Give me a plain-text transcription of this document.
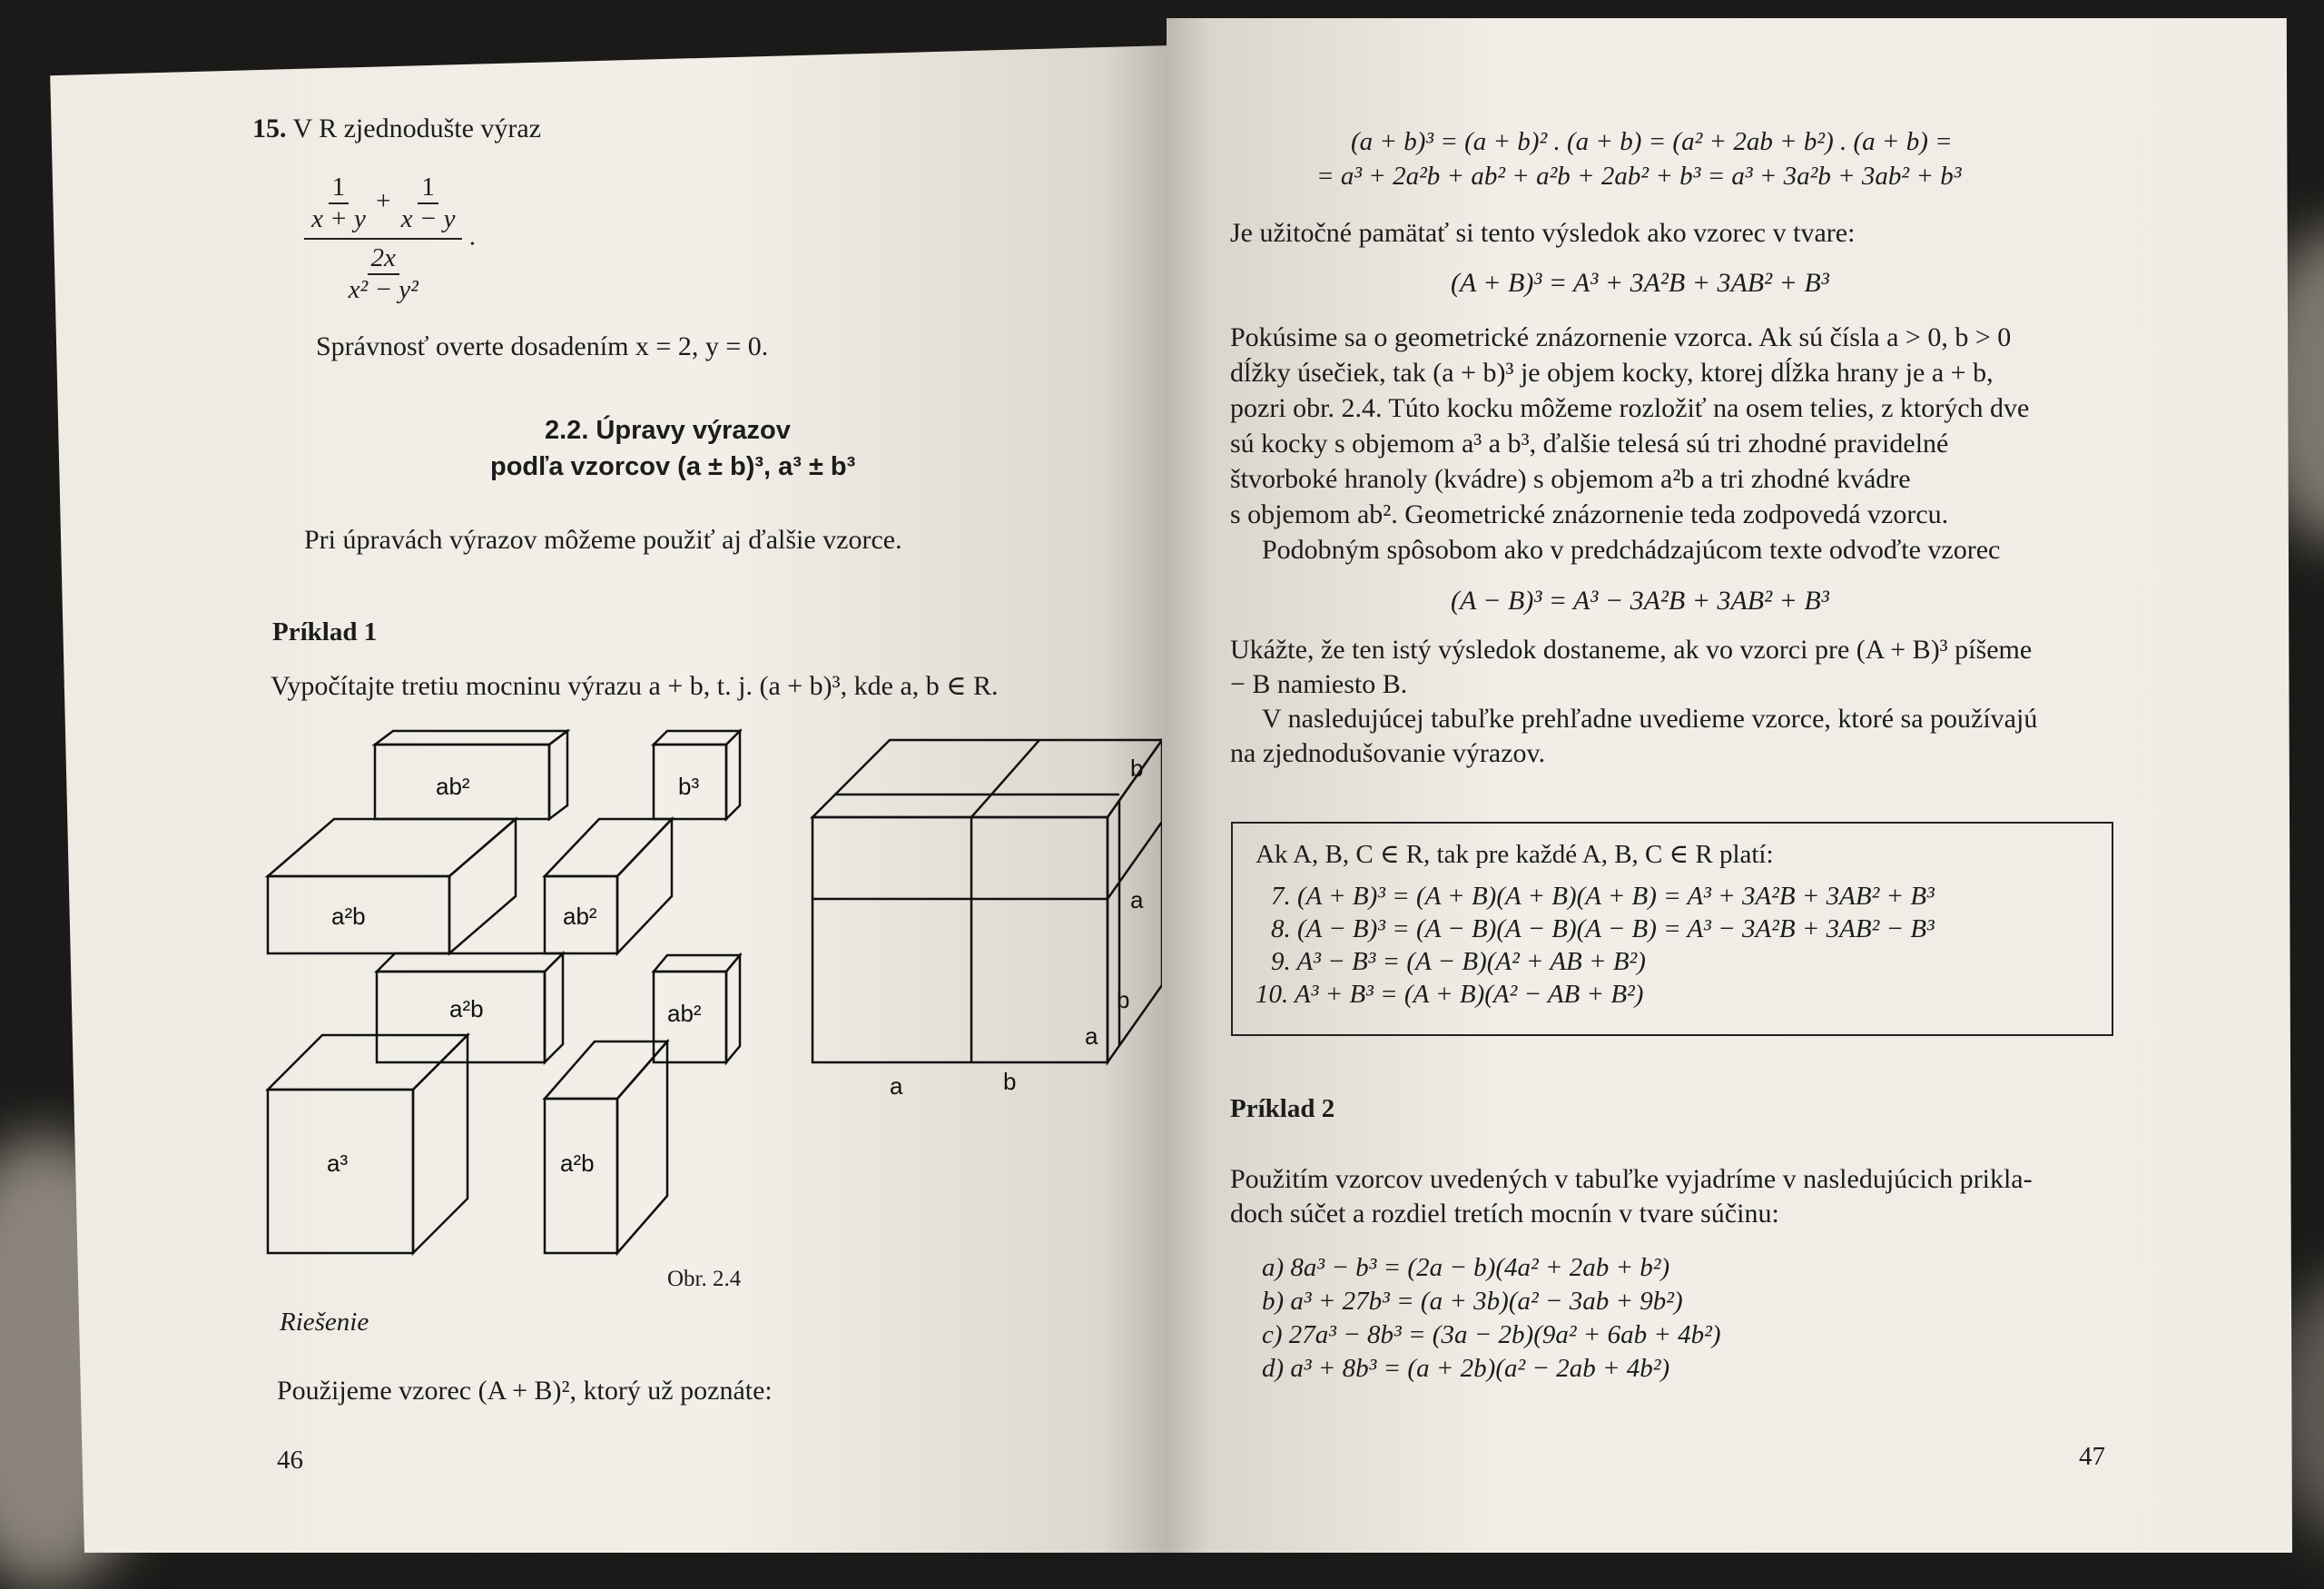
15. V R zjednodušte výraz
$\frac{1}{x + y} + \frac{1}{x - y}$
$\frac{2x}{\text{x² − y²}}$
.
Správnosť overte dosadením x = 2, y = 0.
2.2. Úpravy výrazov
podľa vzorcov (a ± b)³, a³ ± b³
Pri úpravách výrazov môžeme použiť aj ďalšie vzorce.
Príklad 1
Vypočítajte tretiu mocninu výrazu a + b, t. j. (a + b)³, kde a, b ∈ R.
ab²	b³
a²b	ab²
a²b	ab²
a³	a²b
b
a
b
a
a	b
Obr. 2.4
Riešenie
Použijeme vzorec (A + B)², ktorý už poznáte:
46
(a + b)³ = (a + b)² . (a + b) = (a² + 2ab + b²) . (a + b) =
= a³ + 2a²b + ab² + a²b + 2ab² + b³ = a³ + 3a²b + 3ab² + b³
Je užitočné pamätať si tento výsledok ako vzorec v tvare:
(A + B)³ = A³ + 3A²B + 3AB² + B³
Pokúsime sa o geometrické znázornenie vzorca. Ak sú čísla a > 0, b > 0
dĺžky úsečiek, tak (a + b)³ je objem kocky, ktorej dĺžka hrany je a + b,
pozri obr. 2.4. Túto kocku môžeme rozložiť na osem telies, z ktorých dve
sú kocky s objemom a³ a b³, ďalšie telesá sú tri zhodné pravidelné
štvorboké hranoly (kvádre) s objemom a²b a tri zhodné kvádre
s objemom ab². Geometrické znázornenie teda zodpovedá vzorcu.
Podobným spôsobom ako v predchádzajúcom texte odvoďte vzorec
(A − B)³ = A³ − 3A²B + 3AB² + B³
Ukážte, že ten istý výsledok dostaneme, ak vo vzorci pre (A + B)³ píšeme
− B namiesto B.
V nasledujúcej tabuľke prehľadne uvedieme vzorce, ktoré sa používajú
na zjednodušovanie výrazov.
Ak A, B, C ∈ R, tak pre každé A, B, C ∈ R platí:
7. (A + B)³ = (A + B)(A + B)(A + B) = A³ + 3A²B + 3AB² + B³
8. (A − B)³ = (A − B)(A − B)(A − B) = A³ − 3A²B + 3AB² − B³
9. A³ − B³ = (A − B)(A² + AB + B²)
10. A³ + B³ = (A + B)(A² − AB + B²)
Príklad 2
Použitím vzorcov uvedených v tabuľke vyjadríme v nasledujúcich prikla-
doch súčet a rozdiel tretích mocnín v tvare súčinu:
a) 8a³ − b³ = (2a − b)(4a² + 2ab + b²)
b) a³ + 27b³ = (a + 3b)(a² − 3ab + 9b²)
c) 27a³ − 8b³ = (3a − 2b)(9a² + 6ab + 4b²)
d) a³ + 8b³ = (a + 2b)(a² − 2ab + 4b²)
47
